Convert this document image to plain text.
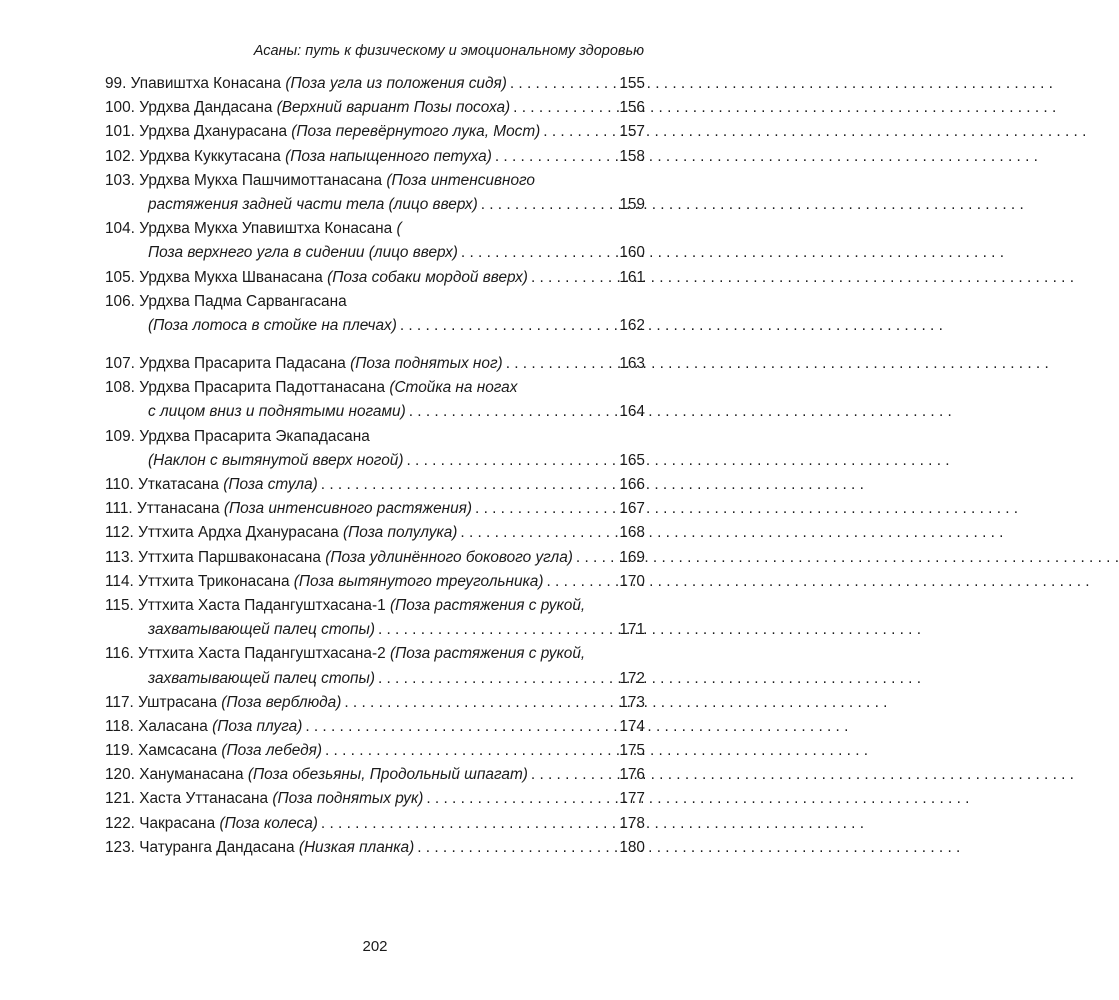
Асаны: путь к физическому и эмоциональному здоровью
99. Упавиштха Конасана (Поза угла из положения сидя) . . .	155
100. Урдхва Дандасана (Верхний вариант Позы посоха) . . .	156
101. Урдхва Дханурасана (Поза перевёрнутого лука, Мост) . . .	157
102. Урдхва Куккутасана (Поза напыщенного петуха) . . .	158
103. Урдхва Мукха Пашчимоттанасана (Поза интенсивного
растяжения задней части тела (лицо вверх) . . .	159
104. Урдхва Мукха Упавиштха Конасана (
Поза верхнего угла в сидении (лицо вверх) . . .	160
105. Урдхва Мукха Шванасана (Поза собаки мордой вверх) . . .	161
106. Урдхва Падма Сарвангасана
(Поза лотоса в стойке на плечах) . . .	162
107. Урдхва Прасарита Падасана (Поза поднятых ног) . . .	163
108. Урдхва Прасарита Падоттанасана (Стойка на ногах
с лицом вниз и поднятыми ногами) . . .	164
109. Урдхва Прасарита Экападасана
(Наклон с вытянутой вверх ногой) . . .	165
110. Уткатасана (Поза стула) . . .	166
111. Уттанасана (Поза интенсивного растяжения) . . .	167
112. Уттхита Ардха Дханурасана (Поза полулука) . . .	168
113. Уттхита Паршваконасана (Поза удлинённого бокового угла) . . .	169
114. Уттхита Триконасана (Поза вытянутого треугольника) . . .	170
115. Уттхита Хаста Падангуштхасана-1 (Поза растяжения с рукой,
захватывающей палец стопы) . . .	171
116. Уттхита Хаста Падангуштхасана-2 (Поза растяжения с рукой,
захватывающей палец стопы) . . .	172
117. Уштрасана (Поза верблюда) . . .	173
118. Халасана (Поза плуга) . . .	174
119. Хамсасана (Поза лебедя) . . .	175
120. Хануманасана (Поза обезьяны, Продольный шпагат) . . .	176
121. Хаста Уттанасана (Поза поднятых рук) . . .	177
122. Чакрасана (Поза колеса) . . .	178
123. Чатуранга Дандасана (Низкая планка) . . .	180
202
